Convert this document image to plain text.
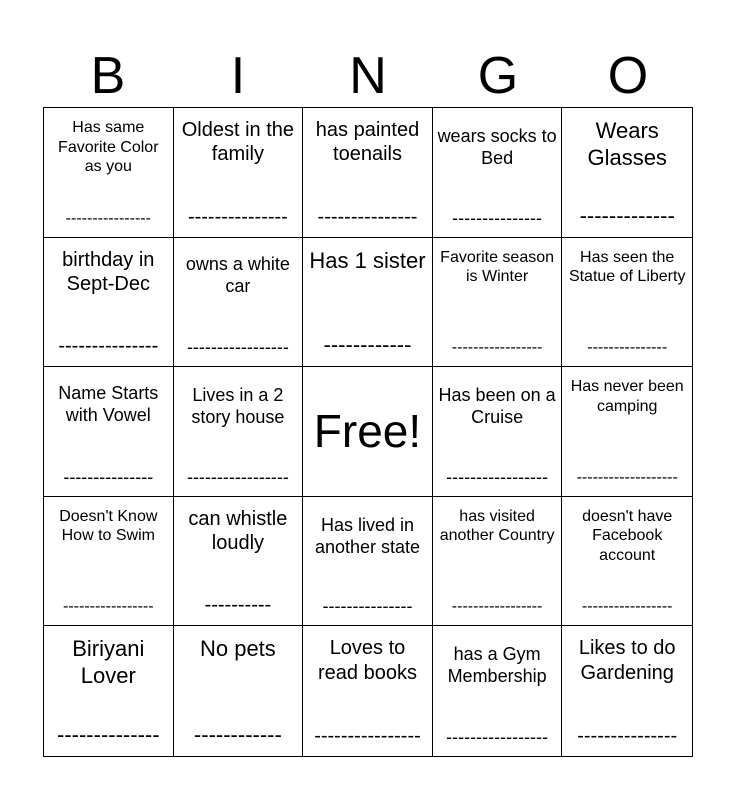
B	I	N	G	O
Has same Favorite Color as you
----------------
Oldest in the family
---------------
has painted toenails
---------------
wears socks to Bed
---------------
Wears Glasses
-------------
birthday in Sept-Dec
---------------
owns a white car
-----------------
Has 1 sister
------------
Favorite season is Winter
-----------------
Has seen the Statue of Liberty
---------------
Name Starts with Vowel
---------------
Lives in a 2 story house
-----------------
Free!
Has been on a Cruise
-----------------
Has never been camping
-------------------
Doesn't Know How to Swim
-----------------
can whistle loudly
----------
Has lived in another state
---------------
has visited another Country
-----------------
doesn't have Facebook account
-----------------
Biriyani Lover
--------------
No pets
------------
Loves to read books
----------------
has a Gym Membership
-----------------
Likes to do Gardening
---------------
